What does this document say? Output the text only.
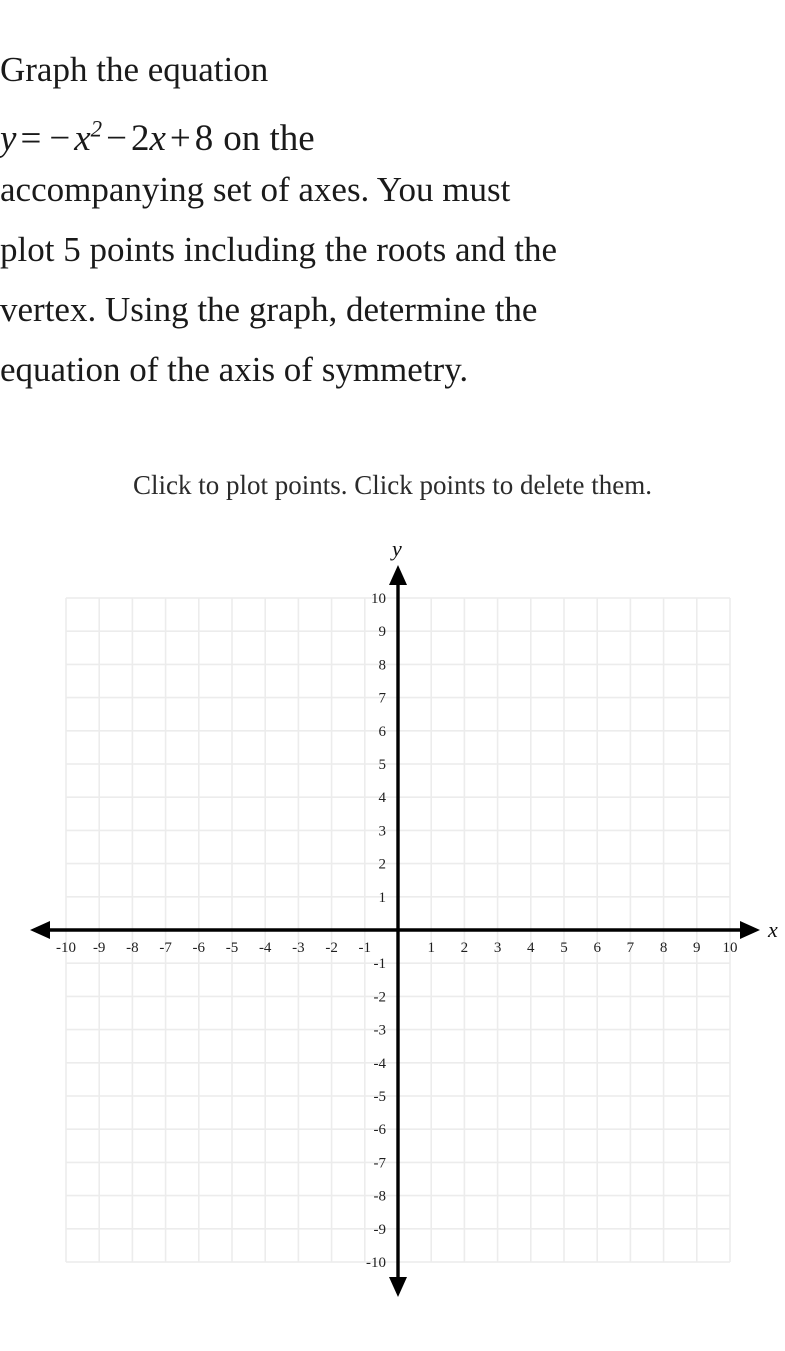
Graph the equation
y = − $x^2 - 2x + 8$ on the
accompanying set of axes. You must
plot 5 points including the roots and the
vertex. Using the graph, determine the
equation of the axis of symmetry.
Click to plot points. Click points to delete them.
-10 -9 -8 -7 -6 -5 -4 -3 -2 -1	1 2 3 4 5 6 7 8 9 10
10
9
8
7
6
5
4
3
2
1
-1
-2
-3
-4
-5
-6
-7
-8
-9
-10
x
y
